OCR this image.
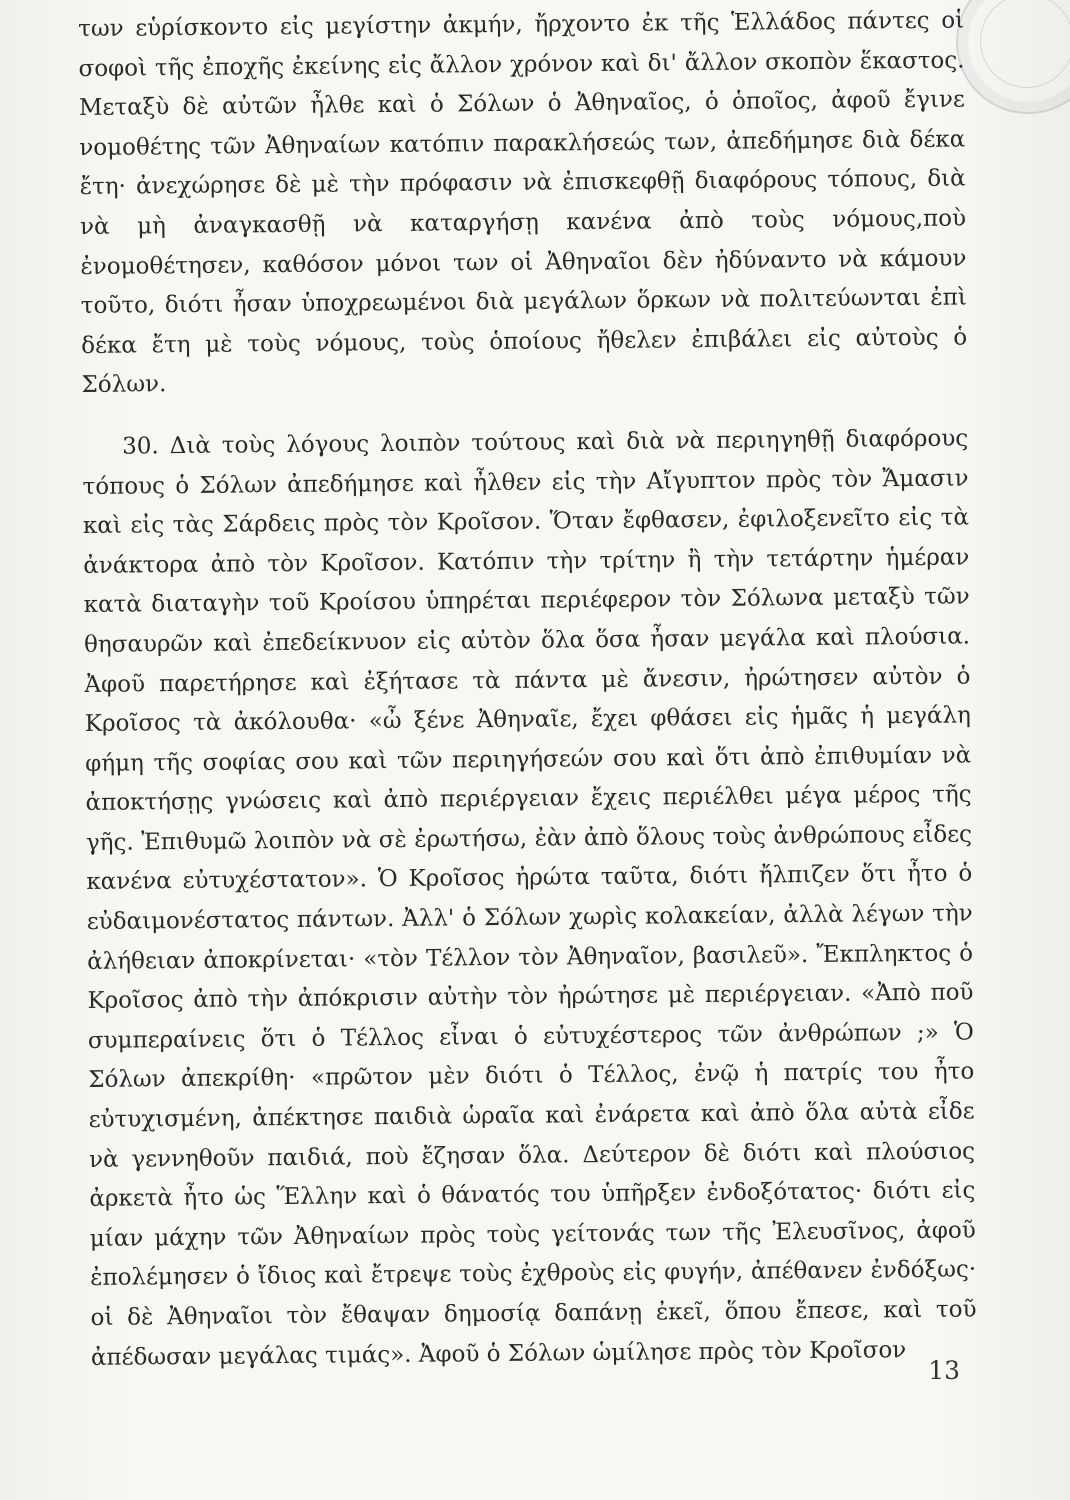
των εὑρίσκοντο εἰς μεγίστην ἀκμήν, ἤρχοντο ἐκ τῆς Ἑλλάδος πάντες οἱ σοφοὶ τῆς ἐποχῆς ἐκείνης εἰς ἄλλον χρόνον καὶ δι' ἄλλον σκοπὸν ἕκαστος. Μεταξὺ δὲ αὐτῶν ἦλθε καὶ ὁ Σόλων ὁ Ἀθηναῖος, ὁ ὁποῖος, ἀφοῦ ἔγινε νομοθέτης τῶν Ἀθηναίων κατόπιν παρακλήσεώς των, ἀπεδήμησε διὰ δέκα ἔτη· ἀνεχώρησε δὲ μὲ τὴν πρόφασιν νὰ ἐπισκεφθῇ διαφόρους τόπους, διὰ νὰ μὴ ἀναγκασθῇ νὰ καταργήσῃ κανένα ἀπὸ τοὺς νόμους,ποὺ ἐνομοθέτησεν, καθόσον μόνοι των οἱ Ἀθηναῖοι δὲν ἠδύναντο νὰ κάμουν τοῦτο, διότι ἦσαν ὑποχρεωμένοι διὰ μεγάλων ὅρκων νὰ πολιτεύωνται ἐπὶ δέκα ἔτη μὲ τοὺς νόμους, τοὺς ὁποίους ἤθελεν ἐπιβάλει εἰς αὐτοὺς ὁ Σόλων.

30. Διὰ τοὺς λόγους λοιπὸν τούτους καὶ διὰ νὰ περιηγηθῇ διαφόρους τόπους ὁ Σόλων ἀπεδήμησε καὶ ἦλθεν εἰς τὴν Αἴγυπτον πρὸς τὸν Ἄμασιν καὶ εἰς τὰς Σάρδεις πρὸς τὸν Κροῖσον. Ὅταν ἔφθασεν, ἐφιλοξενεῖτο εἰς τὰ ἀνάκτορα ἀπὸ τὸν Κροῖσον. Κατόπιν τὴν τρίτην ἢ τὴν τετάρτην ἡμέραν κατὰ διαταγὴν τοῦ Κροίσου ὑπηρέται περιέφερον τὸν Σόλωνα μεταξὺ τῶν θησαυρῶν καὶ ἐπεδείκνυον εἰς αὐτὸν ὅλα ὅσα ἦσαν μεγάλα καὶ πλούσια. Ἀφοῦ παρετήρησε καὶ ἐξήτασε τὰ πάντα μὲ ἄνεσιν, ἠρώτησεν αὐτὸν ὁ Κροῖσος τὰ ἀκόλουθα· «ὦ ξένε Ἀθηναῖε, ἔχει φθάσει εἰς ἡμᾶς ἡ μεγάλη φήμη τῆς σοφίας σου καὶ τῶν περιηγήσεών σου καὶ ὅτι ἀπὸ ἐπιθυμίαν νὰ ἀποκτήσῃς γνώσεις καὶ ἀπὸ περιέργειαν ἔχεις περιέλθει μέγα μέρος τῆς γῆς. Ἐπιθυμῶ λοιπὸν νὰ σὲ ἐρωτήσω, ἐὰν ἀπὸ ὅλους τοὺς ἀνθρώπους εἶδες κανένα εὐτυχέστατον». Ὁ Κροῖσος ἠρώτα ταῦτα, διότι ἤλπιζεν ὅτι ἦτο ὁ εὐδαιμονέστατος πάντων. Ἀλλ' ὁ Σόλων χωρὶς κολακείαν, ἀλλὰ λέγων τὴν ἀλήθειαν ἀποκρίνεται· «τὸν Τέλλον τὸν Ἀθηναῖον, βασιλεῦ». Ἔκπληκτος ὁ Κροῖσος ἀπὸ τὴν ἀπόκρισιν αὐτὴν τὸν ἠρώτησε μὲ περιέργειαν. «Ἀπὸ ποῦ συμπεραίνεις ὅτι ὁ Τέλλος εἶναι ὁ εὐτυχέστερος τῶν ἀνθρώπων ;» Ὁ Σόλων ἀπεκρίθη· «πρῶτον μὲν διότι ὁ Τέλλος, ἐνῷ ἡ πατρίς του ἦτο εὐτυχισμένη, ἀπέκτησε παιδιὰ ὡραῖα καὶ ἐνάρετα καὶ ἀπὸ ὅλα αὐτὰ εἶδε νὰ γεννηθοῦν παιδιά, ποὺ ἔζησαν ὅλα. Δεύτερον δὲ διότι καὶ πλούσιος ἀρκετὰ ἦτο ὡς Ἕλλην καὶ ὁ θάνατός του ὑπῆρξεν ἐνδοξότατος· διότι εἰς μίαν μάχην τῶν Ἀθηναίων πρὸς τοὺς γείτονάς των τῆς Ἐλευσῖνος, ἀφοῦ ἐπολέμησεν ὁ ἴδιος καὶ ἔτρεψε τοὺς ἐχθροὺς εἰς φυγήν, ἀπέθανεν ἐνδόξως· οἱ δὲ Ἀθηναῖοι τὸν ἔθαψαν δημοσίᾳ δαπάνῃ ἐκεῖ, ὅπου ἔπεσε, καὶ τοῦ ἀπέδωσαν μεγάλας τιμάς». Ἀφοῦ ὁ Σόλων ὡμίλησε πρὸς τὸν Κροῖσον 13
